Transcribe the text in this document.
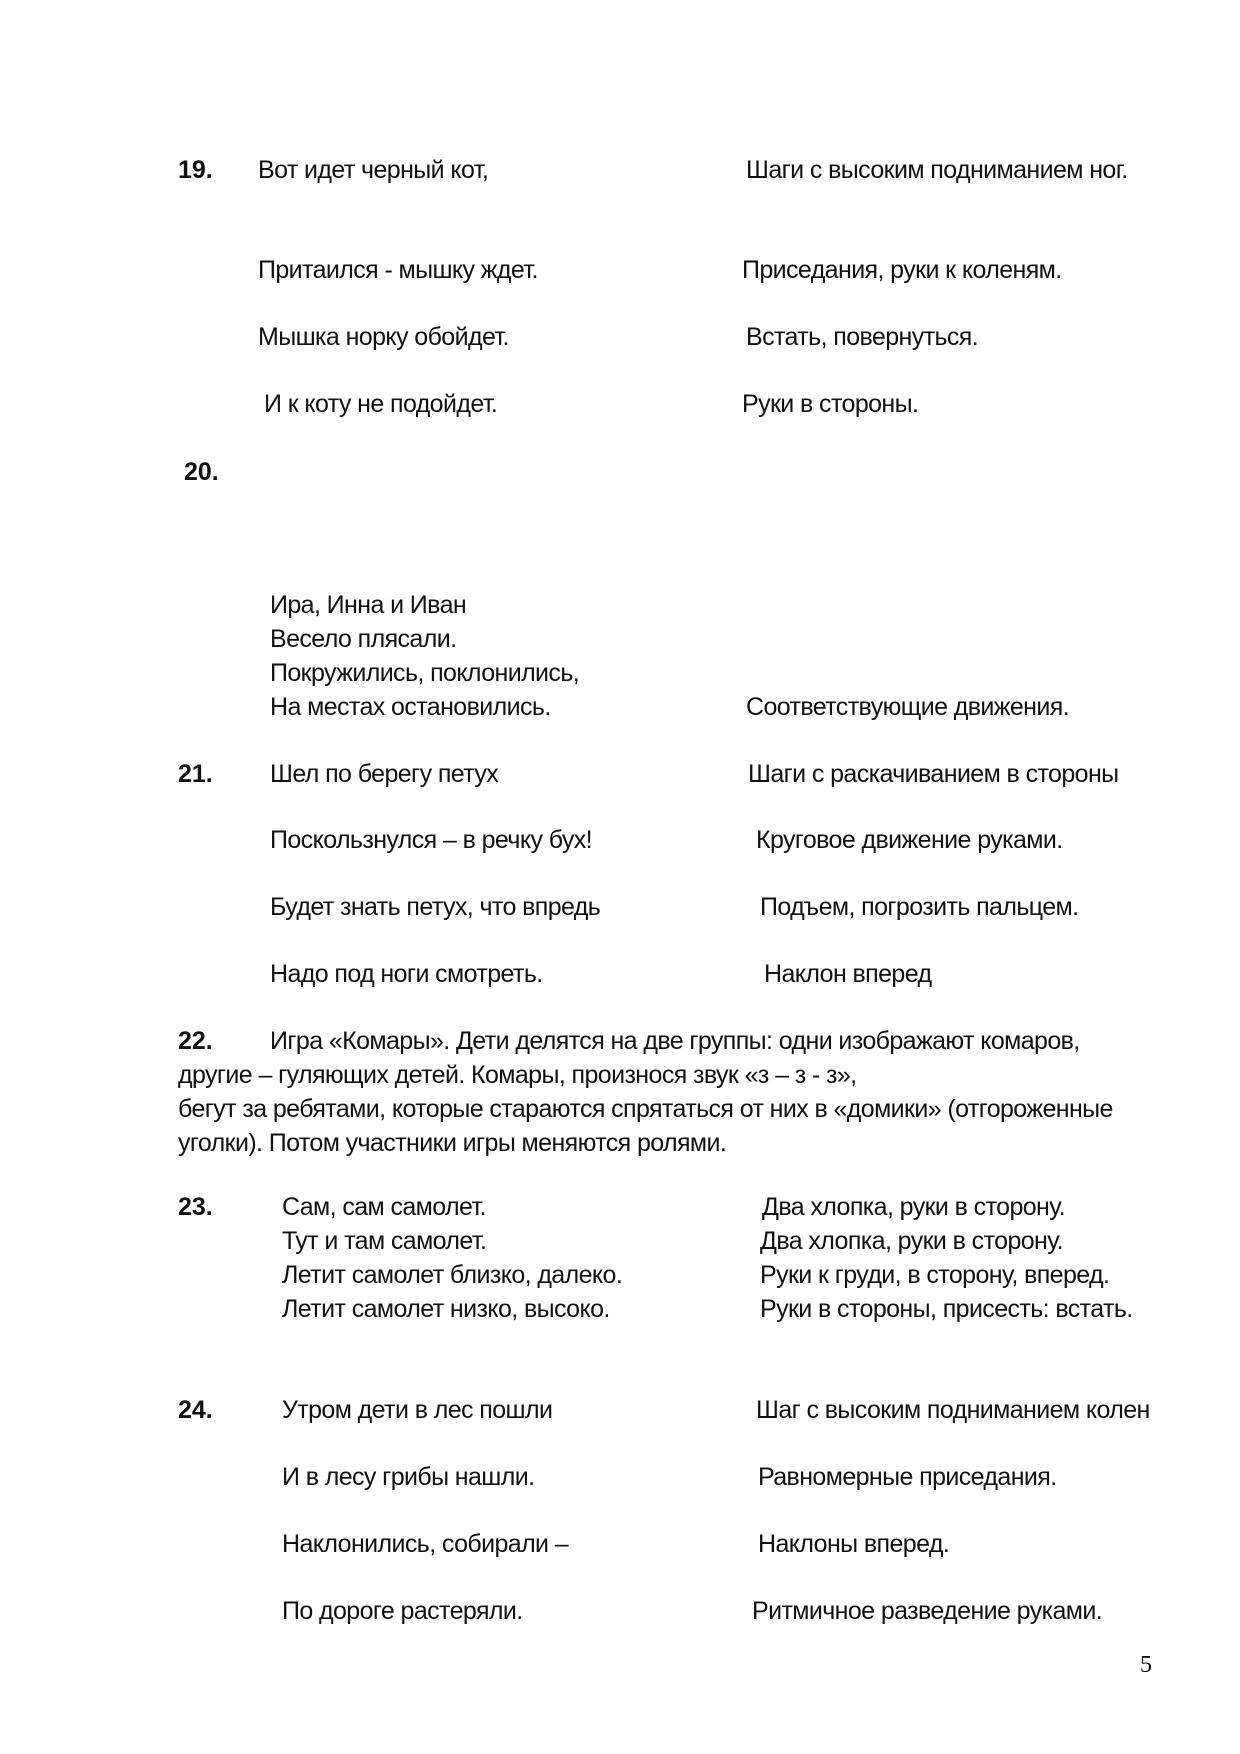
19. Вот идет черный кот,	Шаги с высоким подниманием ног.
Притаился - мышку ждет.	Приседания, руки к коленям.
Мышка норку обойдет.	Встать, повернуться.
И к коту не подойдет.	Руки в стороны.
20.
Ира, Инна и Иван
Весело плясали.
Покружились, поклонились,
На местах остановились.	Соответствующие движения.
21. Шел по берегу петух	Шаги с раскачиванием в стороны
Поскользнулся – в речку бух!	Круговое движение руками.
Будет знать петух, что впредь	Подъем, погрозить пальцем.
Надо под ноги смотреть.	Наклон вперед
22.	Игра «Комары». Дети делятся на две группы: одни изображают комаров,
другие – гуляющих детей. Комары, произнося звук «з – з - з»,
бегут за ребятами, которые стараются спрятаться от них в «домики» (отгороженные
уголки). Потом участники игры меняются ролями.
23.	Сам, сам самолет.	Два хлопка, руки в сторону.
Тут и там самолет.	Два хлопка, руки в сторону.
Летит самолет близко, далеко.	Руки к груди, в сторону, вперед.
Летит самолет низко, высоко.	Руки в стороны, присесть: встать.
24.	Утром дети в лес пошли	Шаг с высоким подниманием колен
И в лесу грибы нашли.	Равномерные приседания.
Наклонились, собирали –	Наклоны вперед.
По дороге растеряли.	Ритмичное разведение руками.
5
